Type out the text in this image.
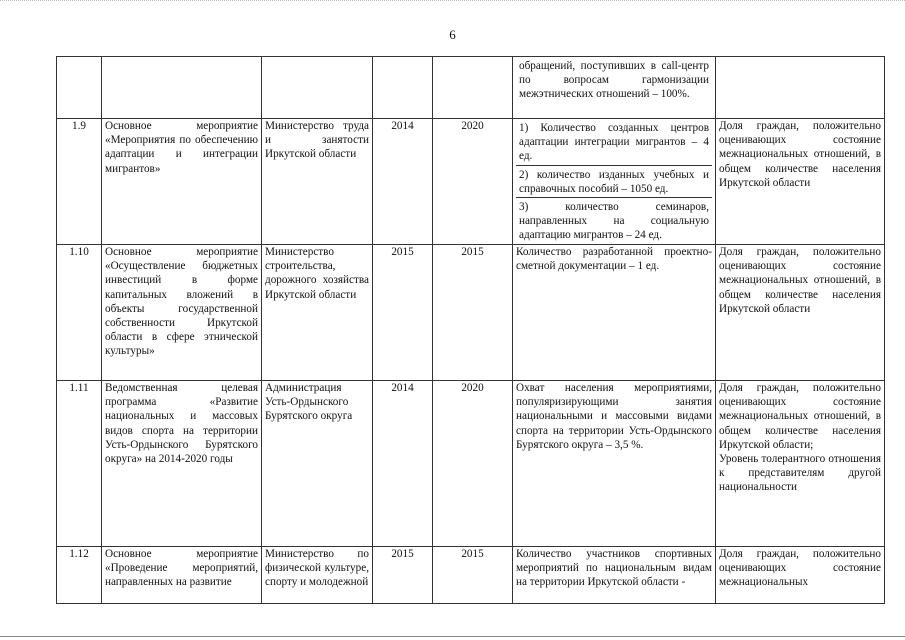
6

					обращений, поступивших в call-центр по вопросам гармонизации межэтнических отношений – 100%.	

1.9	Основное мероприятие «Мероприятия по обеспечению адаптации и интеграции мигрантов»	Министерство труда и занятости Иркутской области	2014	2020	1) Количество созданных центров адаптации интеграции мигрантов – 4 ед.
2) количество изданных учебных и справочных пособий – 1050 ед.
3) количество семинаров, направленных на социальную адаптацию мигрантов – 24 ед.	Доля граждан, положительно оценивающих состояние межнациональных отношений, в общем количестве населения Иркутской области
1.10	Основное мероприятие «Осуществление бюджетных инвестиций в форме капитальных вложений в объекты государственной собственности Иркутской области в сфере этнической культуры»	Министерство строительства, дорожного хозяйства Иркутской области	2015	2015	Количество разработанной проектно-сметной документации – 1 ед.	Доля граждан, положительно оценивающих состояние межнациональных отношений, в общем количестве населения Иркутской области
1.11	Ведомственная целевая программа «Развитие национальных и массовых видов спорта на территории Усть-Ордынского Бурятского округа» на 2014-2020 годы	Администрация Усть-Ордынского Бурятского округа	2014	2020	Охват населения мероприятиями, популяризирующими занятия национальными и массовыми видами спорта на территории Усть-Ордынского Бурятского округа – 3,5 %.	Доля граждан, положительно оценивающих состояние межнациональных отношений, в общем количестве населения Иркутской области;
Уровень толерантного отношения к представителям другой национальности

1.12	Основное мероприятие «Проведение мероприятий, направленных на развитие	Министерство по физической культуре, спорту и молодежной	2015	2015	Количество участников спортивных мероприятий по национальным видам на территории Иркутской области -	Доля граждан, положительно оценивающих состояние межнациональных
